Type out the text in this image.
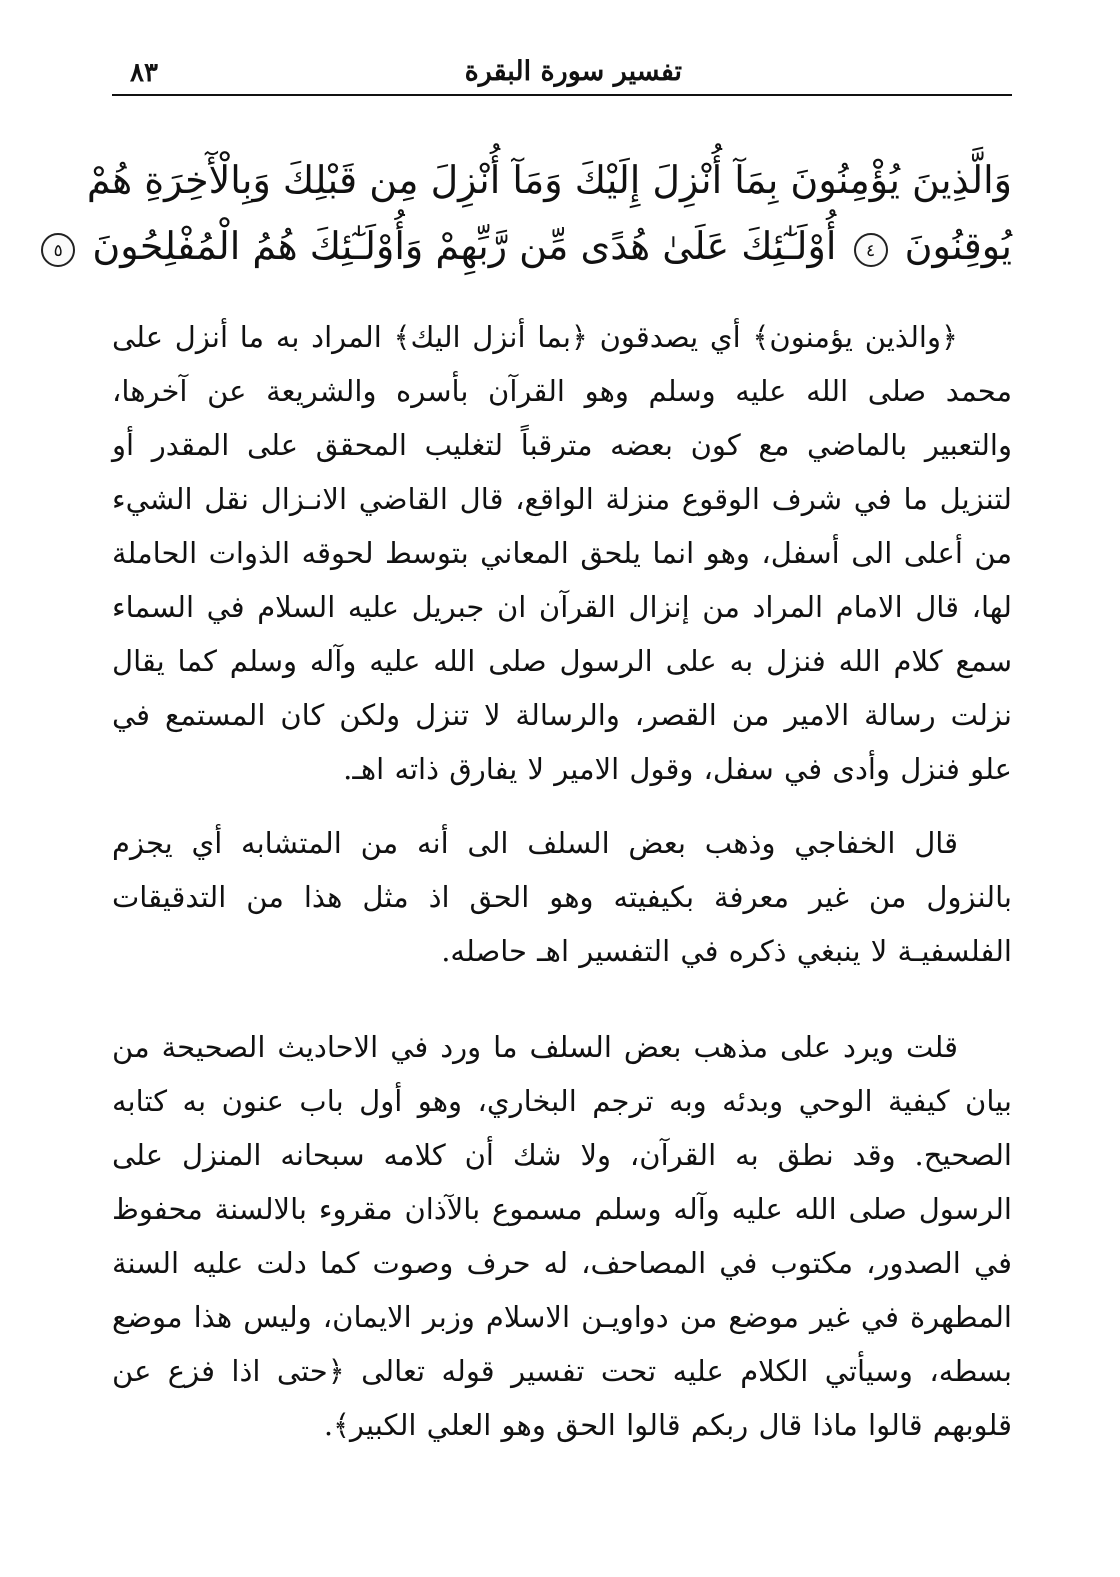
تفسير سورة البقرة
٨٣
وَالَّذِينَ يُؤْمِنُونَ بِمَآ أُنْزِلَ إِلَيْكَ وَمَآ أُنْزِلَ مِن قَبْلِكَ وَبِالْأٓخِرَةِ هُمْ
يُوقِنُونَ ٤ أُوْلَـٰٓئِكَ عَلَىٰ هُدًى مِّن رَّبِّهِمْ وَأُوْلَـٰٓئِكَ هُمُ الْمُفْلِحُونَ ٥

﴿والذين يؤمنون﴾ أي يصدقون ﴿بما أنزل اليك﴾ المراد به ما أنزل على محمد صلى الله عليه وسلم وهو القرآن بأسره والشريعة عن آخرها، والتعبير بالماضي مع كون بعضه مترقباً لتغليب المحقق على المقدر أو لتنزيل ما في شرف الوقوع منزلة الواقع، قال القاضي الانـزال نقل الشيء من أعلى الى أسفل، وهو انما يلحق المعاني بتوسط لحوقه الذوات الحاملة لها، قال الامام المراد من إنزال القرآن ان جبريل عليه السلام في السماء سمع كلام الله فنزل به على الرسول صلى الله عليه وآله وسلم كما يقال نزلت رسالة الامير من القصر، والرسالة لا تنزل ولكن كان المستمع في علو فنزل وأدى في سفل، وقول الامير لا يفارق ذاته اهـ.

قال الخفاجي وذهب بعض السلف الى أنه من المتشابه أي يجزم بالنزول من غير معرفة بكيفيته وهو الحق اذ مثل هذا من التدقيقات الفلسفيـة لا ينبغي ذكره في التفسير اهـ حاصله.

قلت ويرد على مذهب بعض السلف ما ورد في الاحاديث الصحيحة من بيان كيفية الوحي وبدئه وبه ترجم البخاري، وهو أول باب عنون به كتابه الصحيح. وقد نطق به القرآن، ولا شك أن كلامه سبحانه المنزل على الرسول صلى الله عليه وآله وسلم مسموع بالآذان مقروء بالالسنة محفوظ في الصدور، مكتوب في المصاحف، له حرف وصوت كما دلت عليه السنة المطهرة في غير موضع من دواويـن الاسلام وزبر الايمان، وليس هذا موضع بسطه، وسيأتي الكلام عليه تحت تفسير قوله تعالى ﴿حتى اذا فزع عن قلوبهم قالوا ماذا قال ربكم قالوا الحق وهو العلي الكبير﴾.
